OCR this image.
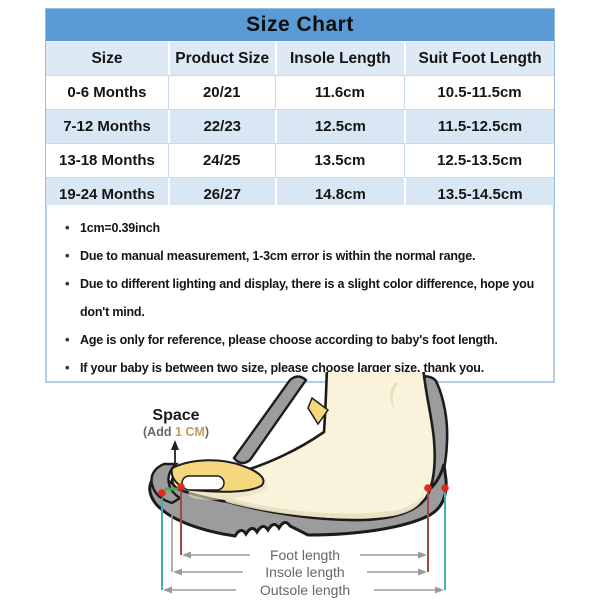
Size Chart
Size	Product Size	Insole Length	Suit Foot Length
0-6 Months	20/21	11.6cm	10.5-11.5cm
7-12 Months	22/23	12.5cm	11.5-12.5cm
13-18 Months	24/25	13.5cm	12.5-13.5cm
19-24 Months	26/27	14.8cm	13.5-14.5cm
• 1cm=0.39inch
• Due to manual measurement, 1-3cm error is within the normal range.
• Due to different lighting and display, there is a slight color difference, hope you don't mind.
• Age is only for reference, please choose according to baby's foot length.
• If your baby is between two size, please choose larger size, thank you.
Space
(Add 1 CM)
Foot length
Insole length
Outsole length
